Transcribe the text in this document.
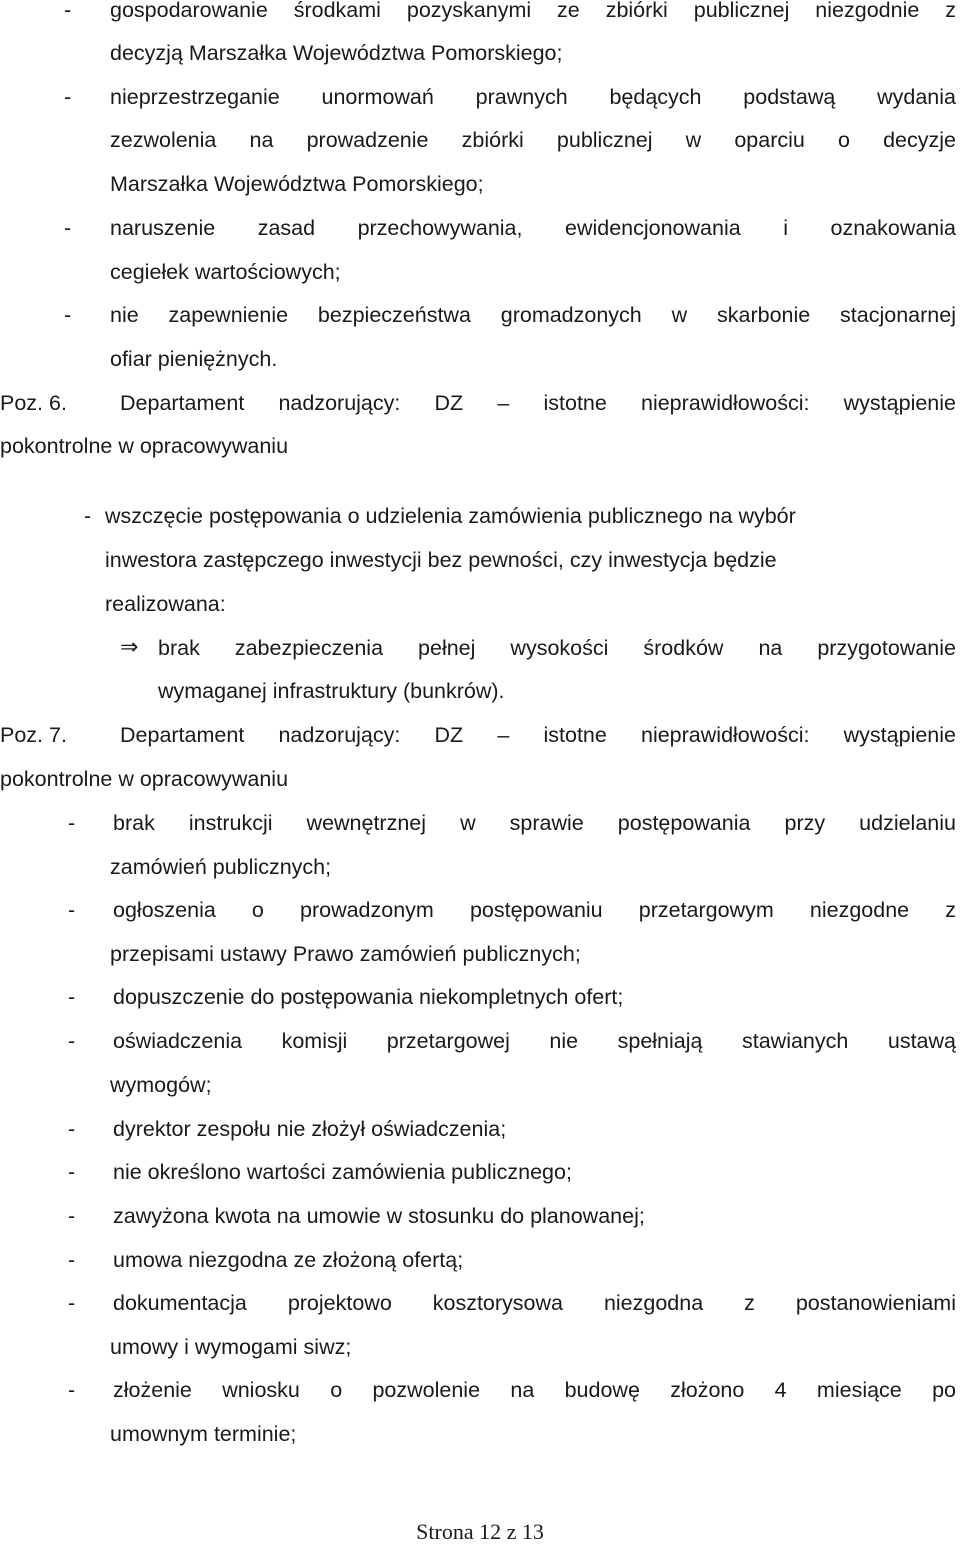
- gospodarowanie środkami pozyskanymi ze zbiórki publicznej niezgodnie z
decyzją Marszałka Województwa Pomorskiego;
- nieprzestrzeganie unormowań prawnych będących podstawą wydania
zezwolenia na prowadzenie zbiórki publicznej w oparciu o decyzje
Marszałka Województwa Pomorskiego;
- naruszenie zasad przechowywania, ewidencjonowania i oznakowania
cegiełek wartościowych;
- nie zapewnienie bezpieczeństwa gromadzonych w skarbonie stacjonarnej
ofiar pieniężnych.
Poz. 6. Departament nadzorujący: DZ – istotne nieprawidłowości: wystąpienie
pokontrolne w opracowywaniu
- wszczęcie postępowania o udzielenia zamówienia publicznego na wybór
inwestora zastępczego inwestycji bez pewności, czy inwestycja będzie
realizowana:
⇒ brak zabezpieczenia pełnej wysokości środków na przygotowanie
wymaganej infrastruktury (bunkrów).
Poz. 7. Departament nadzorujący: DZ – istotne nieprawidłowości: wystąpienie
pokontrolne w opracowywaniu
- brak instrukcji wewnętrznej w sprawie postępowania przy udzielaniu
zamówień publicznych;
- ogłoszenia o prowadzonym postępowaniu przetargowym niezgodne z
przepisami ustawy Prawo zamówień publicznych;
- dopuszczenie do postępowania niekompletnych ofert;
- oświadczenia komisji przetargowej nie spełniają stawianych ustawą
wymogów;
- dyrektor zespołu nie złożył oświadczenia;
- nie określono wartości zamówienia publicznego;
- zawyżona kwota na umowie w stosunku do planowanej;
- umowa niezgodna ze złożoną ofertą;
- dokumentacja projektowo kosztorysowa niezgodna z postanowieniami
umowy i wymogami siwz;
- złożenie wniosku o pozwolenie na budowę złożono 4 miesiące po
umownym terminie;
Strona 12 z 13
